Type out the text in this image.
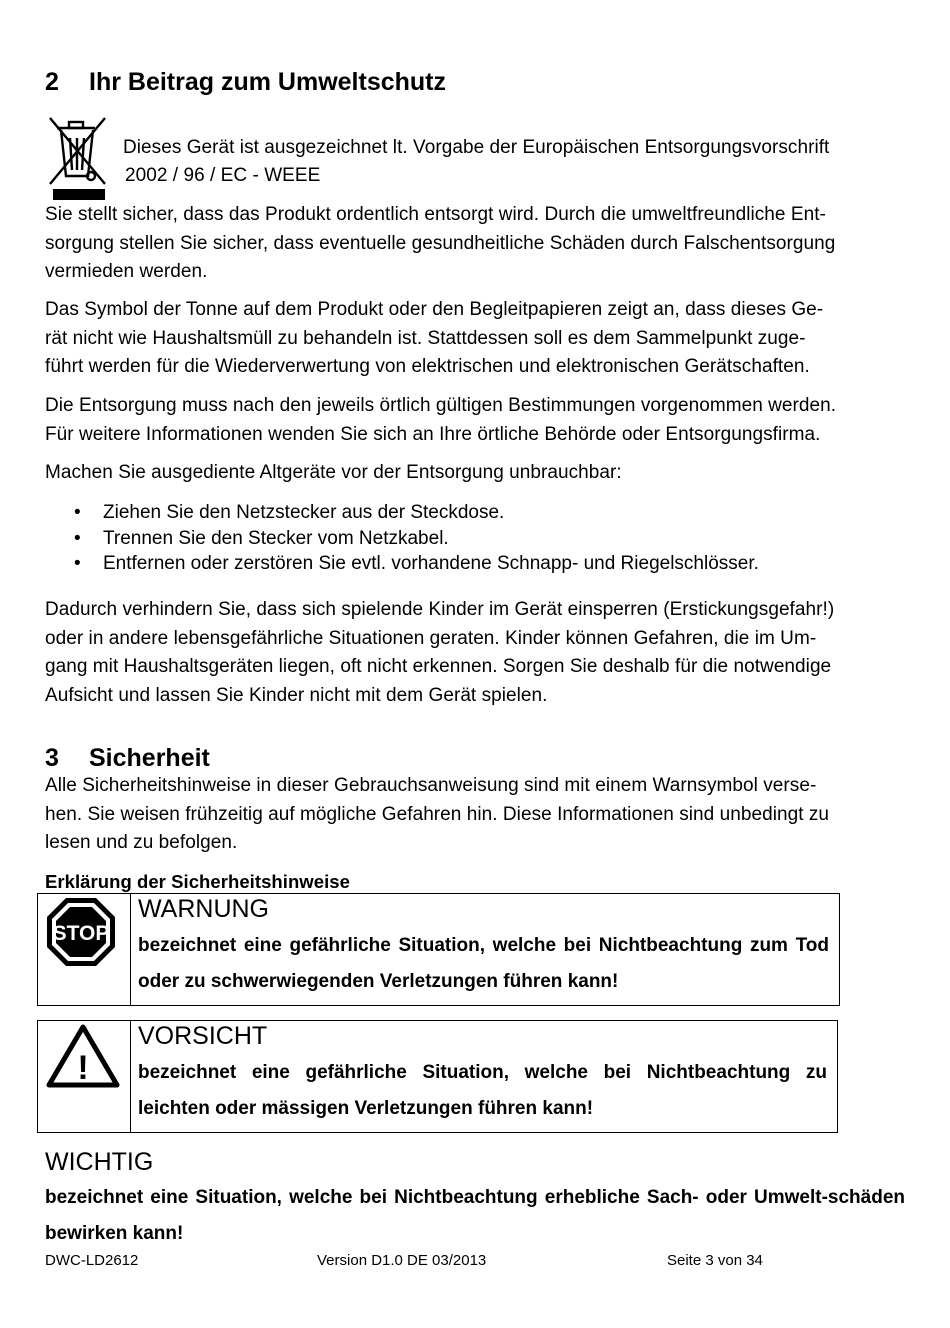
2 Ihr Beitrag zum Umweltschutz
Dieses Gerät ist ausgezeichnet lt. Vorgabe der Europäischen Entsorgungsvorschrift
2002 / 96 / EC - WEEE
Sie stellt sicher, dass das Produkt ordentlich entsorgt wird. Durch die umweltfreundliche Ent-
sorgung stellen Sie sicher, dass eventuelle gesundheitliche Schäden durch Falschentsorgung
vermieden werden.
Das Symbol der Tonne auf dem Produkt oder den Begleitpapieren zeigt an, dass dieses Ge-
rät nicht wie Haushaltsmüll zu behandeln ist. Stattdessen soll es dem Sammelpunkt zuge-
führt werden für die Wiederverwertung von elektrischen und elektronischen Gerätschaften.
Die Entsorgung muss nach den jeweils örtlich gültigen Bestimmungen vorgenommen werden.
Für weitere Informationen wenden Sie sich an Ihre örtliche Behörde oder Entsorgungsfirma.
Machen Sie ausgediente Altgeräte vor der Entsorgung unbrauchbar:
• Ziehen Sie den Netzstecker aus der Steckdose.
• Trennen Sie den Stecker vom Netzkabel.
• Entfernen oder zerstören Sie evtl. vorhandene Schnapp- und Riegelschlösser.
Dadurch verhindern Sie, dass sich spielende Kinder im Gerät einsperren (Erstickungsgefahr!)
oder in andere lebensgefährliche Situationen geraten. Kinder können Gefahren, die im Um-
gang mit Haushaltsgeräten liegen, oft nicht erkennen. Sorgen Sie deshalb für die notwendige
Aufsicht und lassen Sie Kinder nicht mit dem Gerät spielen.
3 Sicherheit
Alle Sicherheitshinweise in dieser Gebrauchsanweisung sind mit einem Warnsymbol verse-
hen. Sie weisen frühzeitig auf mögliche Gefahren hin. Diese Informationen sind unbedingt zu
lesen und zu befolgen.
Erklärung der Sicherheitshinweise
STOP
WARNUNG
bezeichnet eine gefährliche Situation, welche bei Nichtbeachtung zum Tod oder zu schwerwiegenden Verletzungen führen kann!
!
VORSICHT
bezeichnet eine gefährliche Situation, welche bei Nichtbeachtung zu leichten oder mässigen Verletzungen führen kann!
WICHTIG
bezeichnet eine Situation, welche bei Nichtbeachtung erhebliche Sach- oder Umwelt-schäden bewirken kann!
DWC-LD2612	Version D1.0 DE 03/2013	Seite 3 von 34
